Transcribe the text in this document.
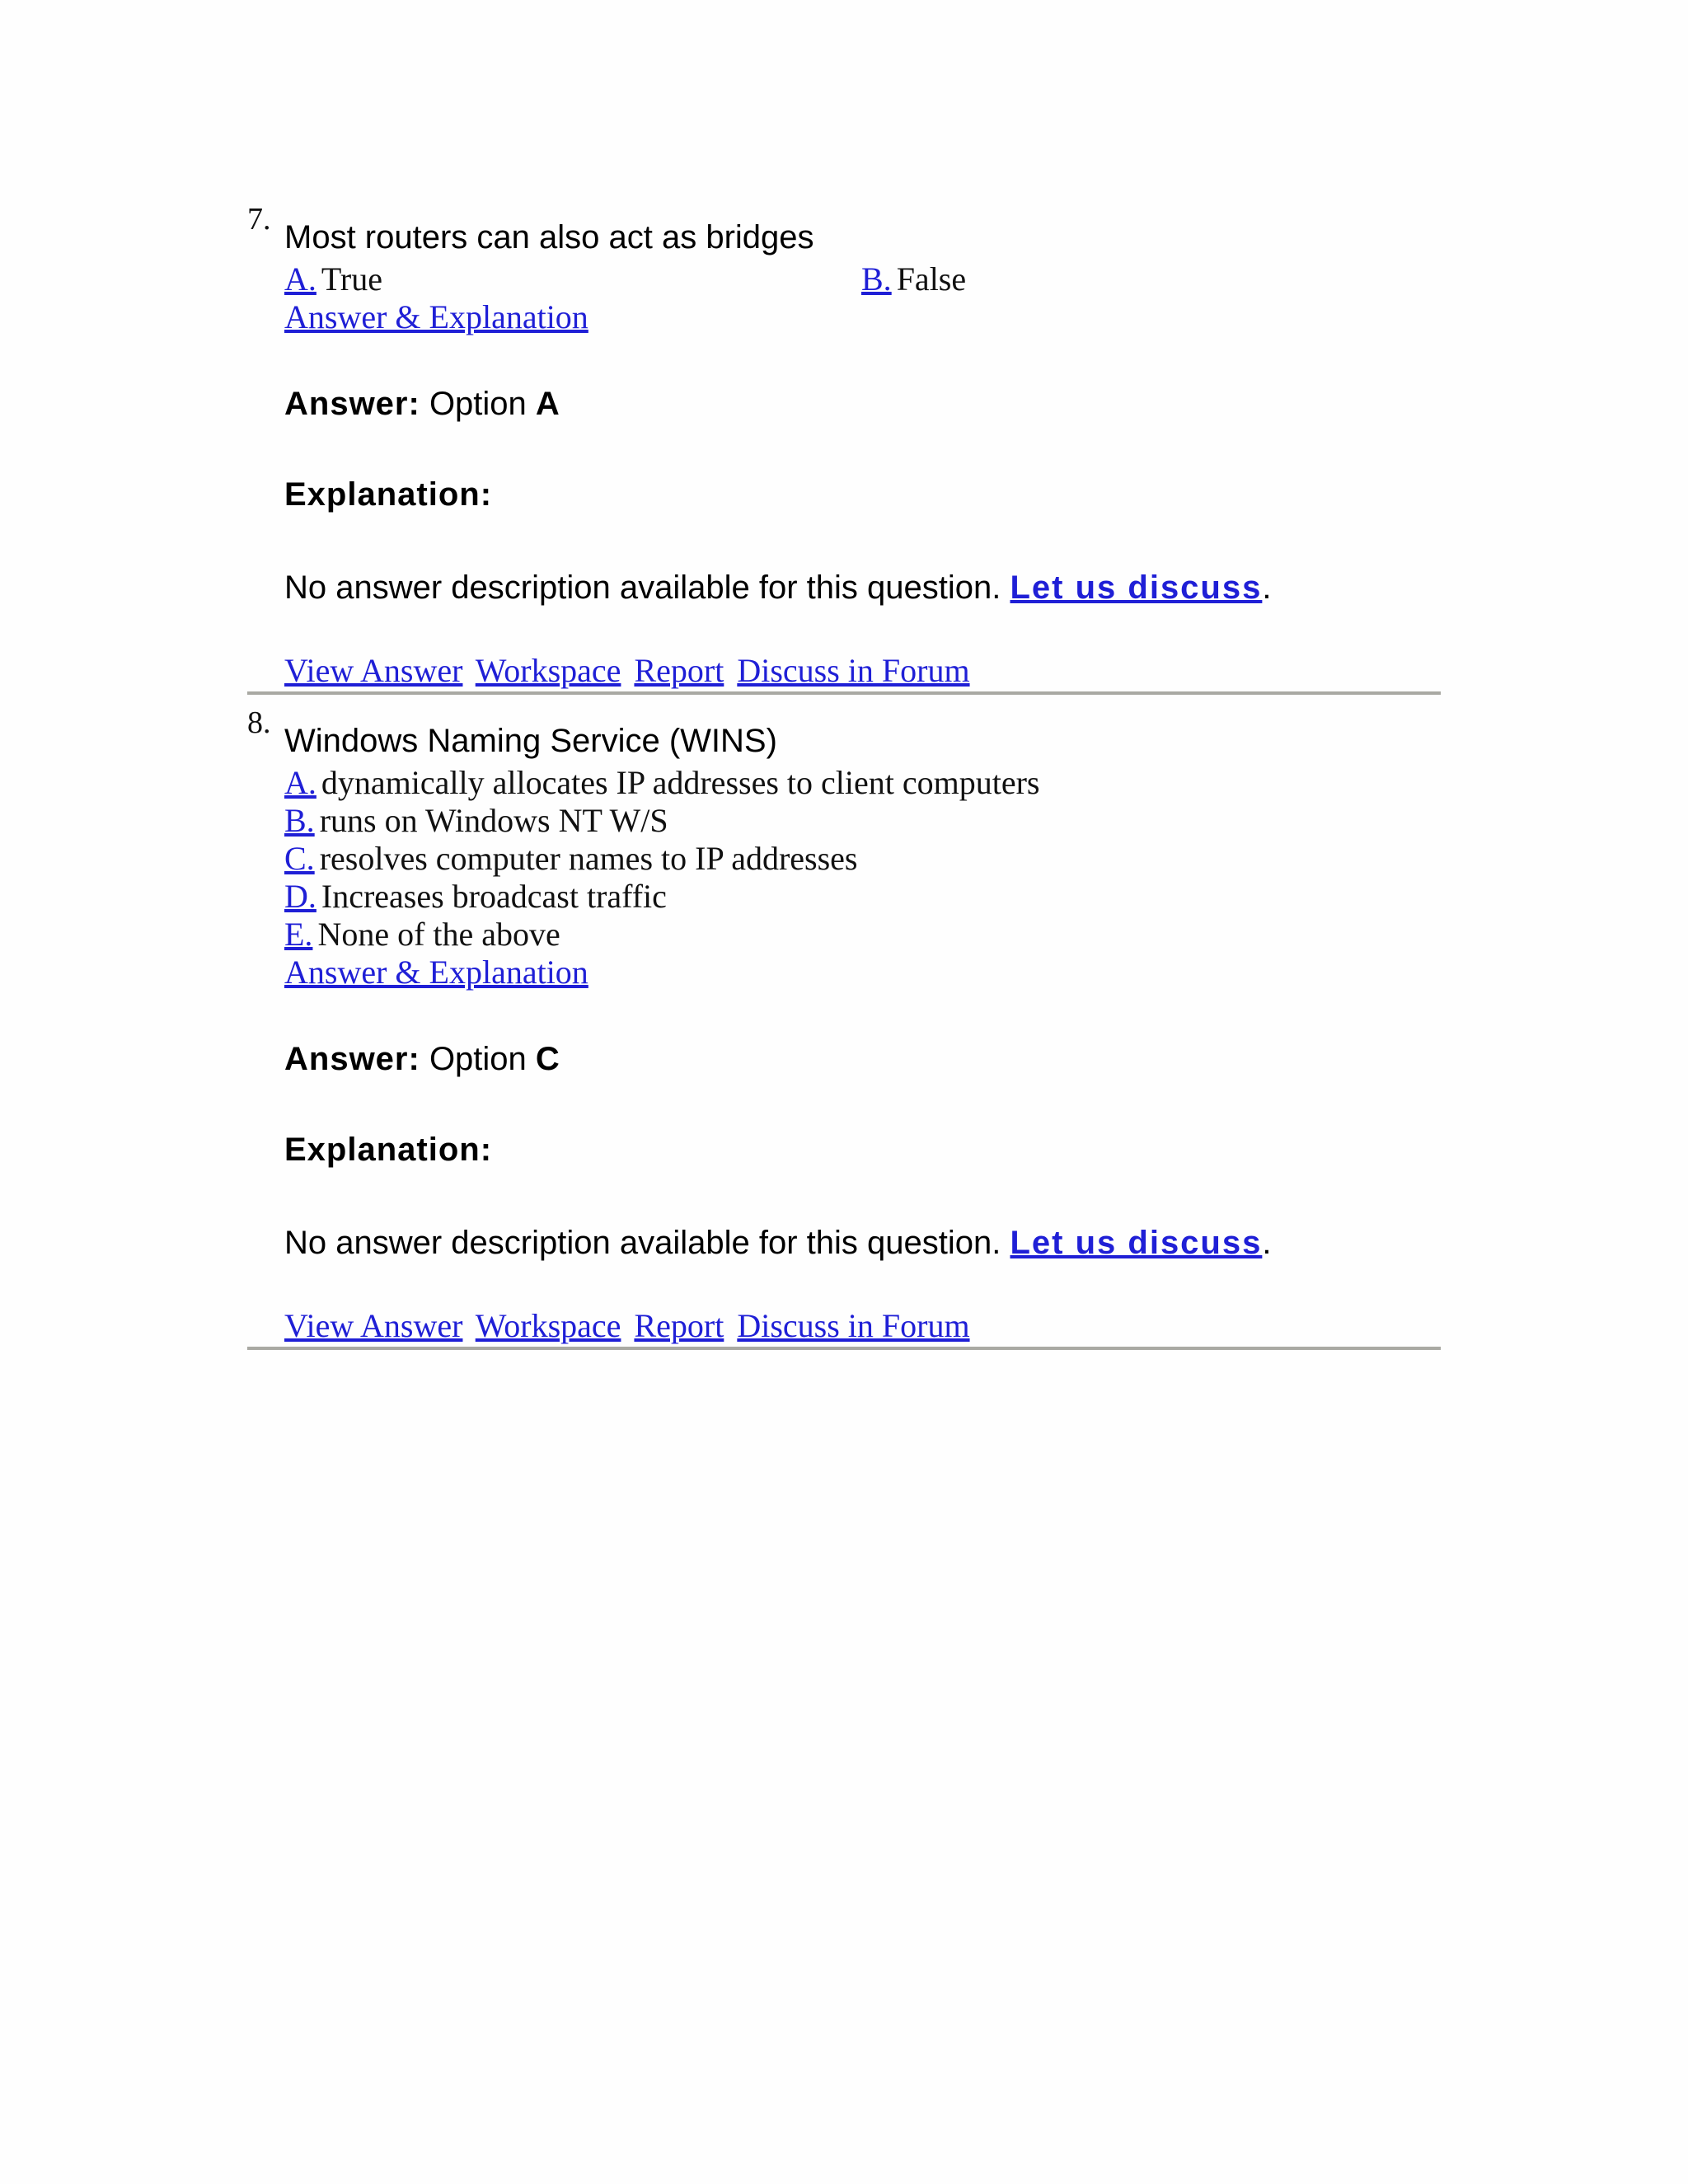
7. Most routers can also act as bridges
A. True	B. False
Answer & Explanation
Answer: Option A
Explanation:
No answer description available for this question. Let us discuss.
View Answer Workspace Report Discuss in Forum
8. Windows Naming Service (WINS)
A. dynamically allocates IP addresses to client computers
B. runs on Windows NT W/S
C. resolves computer names to IP addresses
D. Increases broadcast traffic
E. None of the above
Answer & Explanation
Answer: Option C
Explanation:
No answer description available for this question. Let us discuss.
View Answer Workspace Report Discuss in Forum
